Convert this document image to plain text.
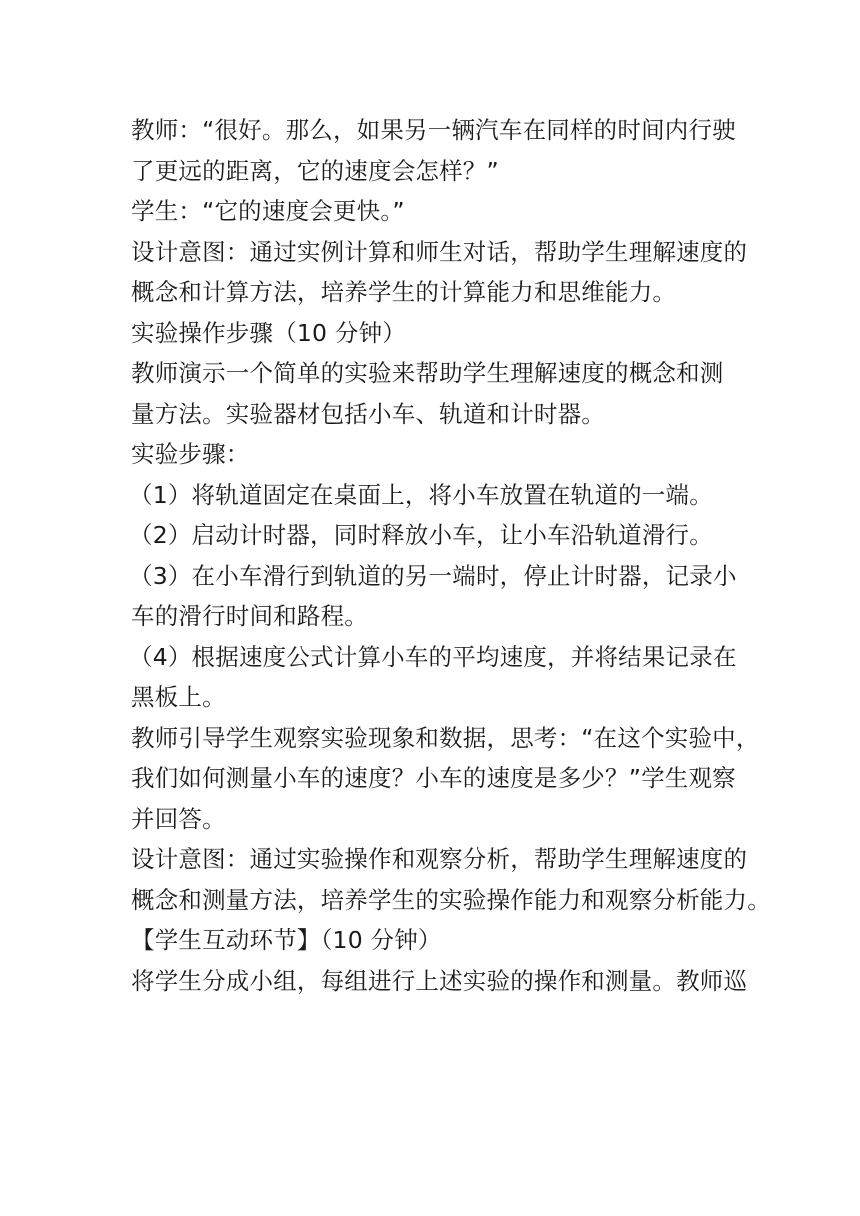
教师：“很好。那么，如果另一辆汽车在同样的时间内行驶
了更远的距离，它的速度会怎样？”
学生：“它的速度会更快。”
设计意图：通过实例计算和师生对话，帮助学生理解速度的
概念和计算方法，培养学生的计算能力和思维能力。
实验操作步骤（10 分钟）
教师演示一个简单的实验来帮助学生理解速度的概念和测
量方法。实验器材包括小车、轨道和计时器。
实验步骤：
（1）将轨道固定在桌面上，将小车放置在轨道的一端。
（2）启动计时器，同时释放小车，让小车沿轨道滑行。
（3）在小车滑行到轨道的另一端时，停止计时器，记录小
车的滑行时间和路程。
（4）根据速度公式计算小车的平均速度，并将结果记录在
黑板上。
教师引导学生观察实验现象和数据，思考：“在这个实验中，
我们如何测量小车的速度？小车的速度是多少？”学生观察
并回答。
设计意图：通过实验操作和观察分析，帮助学生理解速度的
概念和测量方法，培养学生的实验操作能力和观察分析能力。
【学生互动环节】（10 分钟）
将学生分成小组，每组进行上述实验的操作和测量。教师巡
